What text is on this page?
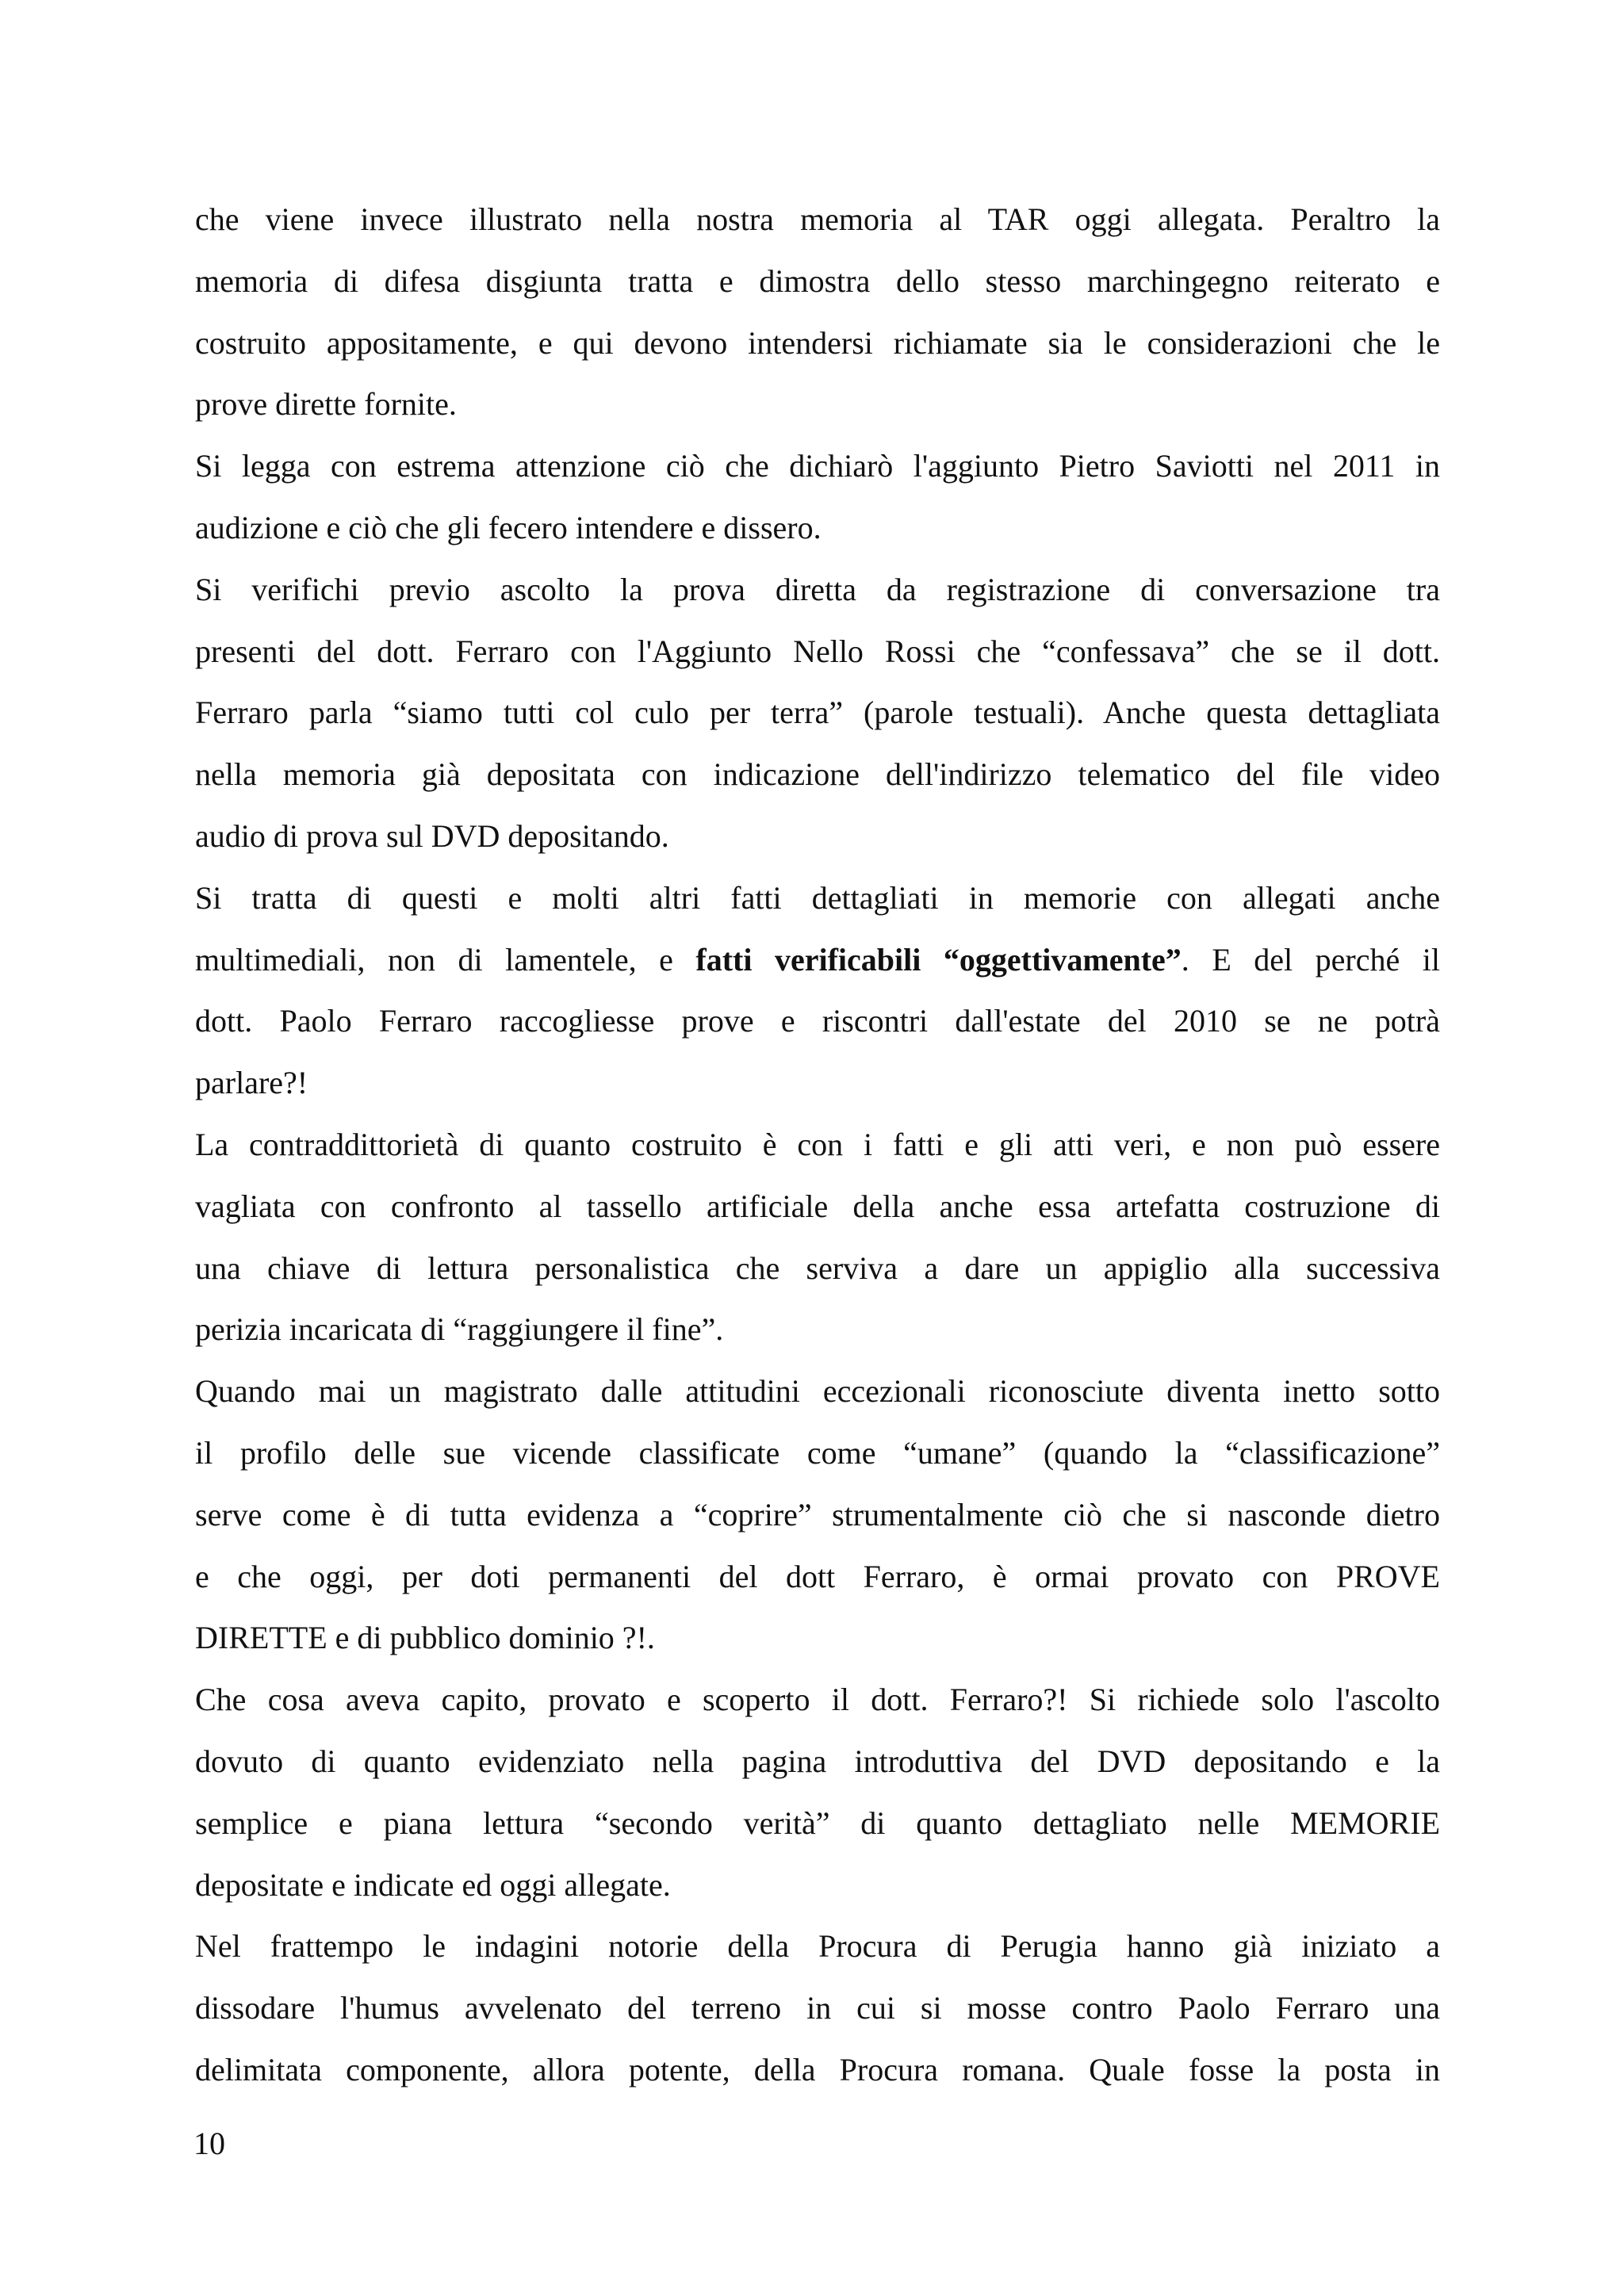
che viene invece illustrato nella nostra memoria al TAR oggi allegata. Peraltro la
memoria di difesa disgiunta tratta e dimostra dello stesso marchingegno reiterato e
costruito appositamente, e qui devono intendersi richiamate sia le considerazioni che le
prove dirette fornite.
Si legga con estrema attenzione ciò che dichiarò l'aggiunto Pietro Saviotti nel 2011 in
audizione e ciò che gli fecero intendere e dissero.
Si verifichi previo ascolto la prova diretta da registrazione di conversazione tra
presenti del dott. Ferraro con l'Aggiunto Nello Rossi che “confessava” che se il dott.
Ferraro parla “siamo tutti col culo per terra” (parole testuali). Anche questa dettagliata
nella memoria già depositata con indicazione dell'indirizzo telematico del file video
audio di prova sul DVD depositando.
Si tratta di questi e molti altri fatti dettagliati in memorie con allegati anche
multimediali, non di lamentele, e fatti verificabili “oggettivamente”. E del perché il
dott. Paolo Ferraro raccogliesse prove e riscontri dall'estate del 2010 se ne potrà
parlare?!
La contraddittorietà di quanto costruito è con i fatti e gli atti veri, e non può essere
vagliata con confronto al tassello artificiale della anche essa artefatta costruzione di
una chiave di lettura personalistica che serviva a dare un appiglio alla successiva
perizia incaricata di “raggiungere il fine”.
Quando mai un magistrato dalle attitudini eccezionali riconosciute diventa inetto sotto
il profilo delle sue vicende classificate come “umane” (quando la “classificazione”
serve come è di tutta evidenza a “coprire” strumentalmente ciò che si nasconde dietro
e che oggi, per doti permanenti del dott Ferraro, è ormai provato con PROVE
DIRETTE e di pubblico dominio ?!.
Che cosa aveva capito, provato e scoperto il dott. Ferraro?! Si richiede solo l'ascolto
dovuto di quanto evidenziato nella pagina introduttiva del DVD depositando e la
semplice e piana lettura “secondo verità” di quanto dettagliato nelle MEMORIE
depositate e indicate ed oggi allegate.
Nel frattempo le indagini notorie della Procura di Perugia hanno già iniziato a
dissodare l'humus avvelenato del terreno in cui si mosse contro Paolo Ferraro una
delimitata componente, allora potente, della Procura romana. Quale fosse la posta in
10
